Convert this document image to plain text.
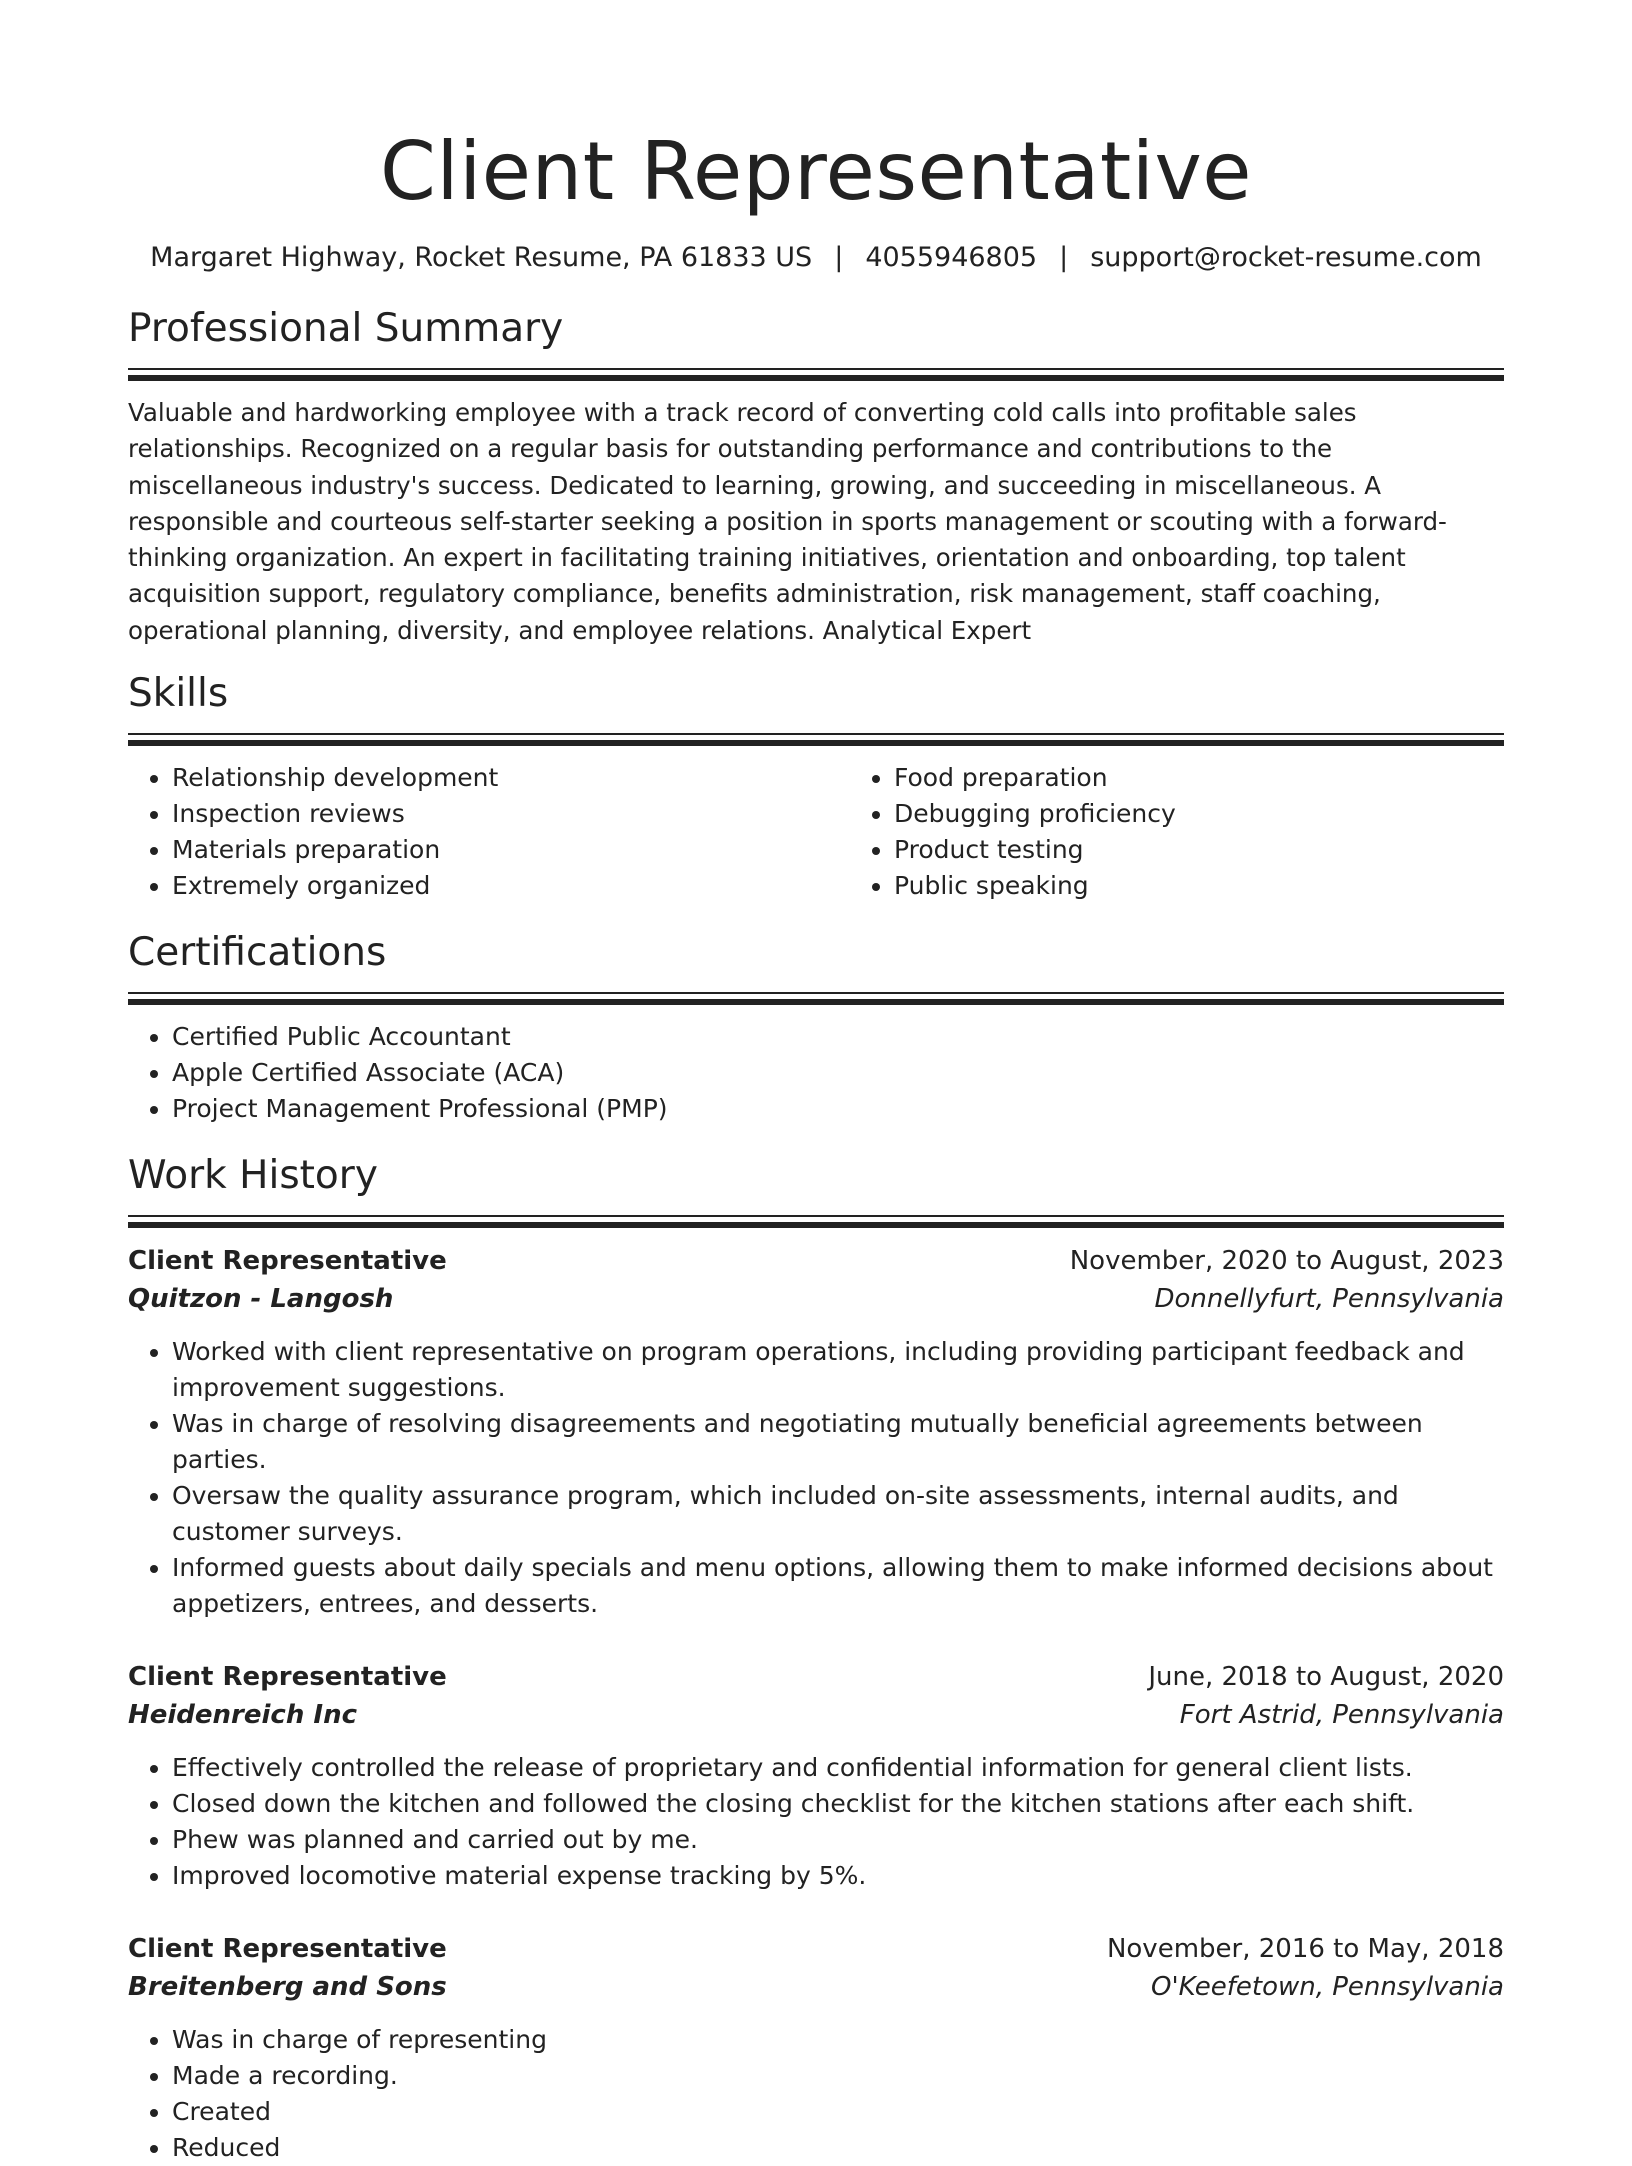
Client Representative
Margaret Highway, Rocket Resume, PA 61833 US | 4055946805 | support@rocket-resume.com
Professional Summary
Valuable and hardworking employee with a track record of converting cold calls into profitable sales relationships. Recognized on a regular basis for outstanding performance and contributions to the miscellaneous industry's success. Dedicated to learning, growing, and succeeding in miscellaneous. A responsible and courteous self-starter seeking a position in sports management or scouting with a forward-thinking organization. An expert in facilitating training initiatives, orientation and onboarding, top talent acquisition support, regulatory compliance, benefits administration, risk management, staff coaching, operational planning, diversity, and employee relations. Analytical Expert
Skills
• Relationship development
• Inspection reviews
• Materials preparation
• Extremely organized
• Food preparation
• Debugging proficiency
• Product testing
• Public speaking
Certifications
• Certified Public Accountant
• Apple Certified Associate (ACA)
• Project Management Professional (PMP)
Work History
Client Representative	November, 2020 to August, 2023
Quitzon - Langosh	Donnellyfurt, Pennsylvania
• Worked with client representative on program operations, including providing participant feedback and improvement suggestions.
• Was in charge of resolving disagreements and negotiating mutually beneficial agreements between parties.
• Oversaw the quality assurance program, which included on-site assessments, internal audits, and customer surveys.
• Informed guests about daily specials and menu options, allowing them to make informed decisions about appetizers, entrees, and desserts.
Client Representative	June, 2018 to August, 2020
Heidenreich Inc	Fort Astrid, Pennsylvania
• Effectively controlled the release of proprietary and confidential information for general client lists.
• Closed down the kitchen and followed the closing checklist for the kitchen stations after each shift.
• Phew was planned and carried out by me.
• Improved locomotive material expense tracking by 5%.
Client Representative	November, 2016 to May, 2018
Breitenberg and Sons	O'Keefetown, Pennsylvania
• Was in charge of representing
• Made a recording.
• Created
• Reduced
